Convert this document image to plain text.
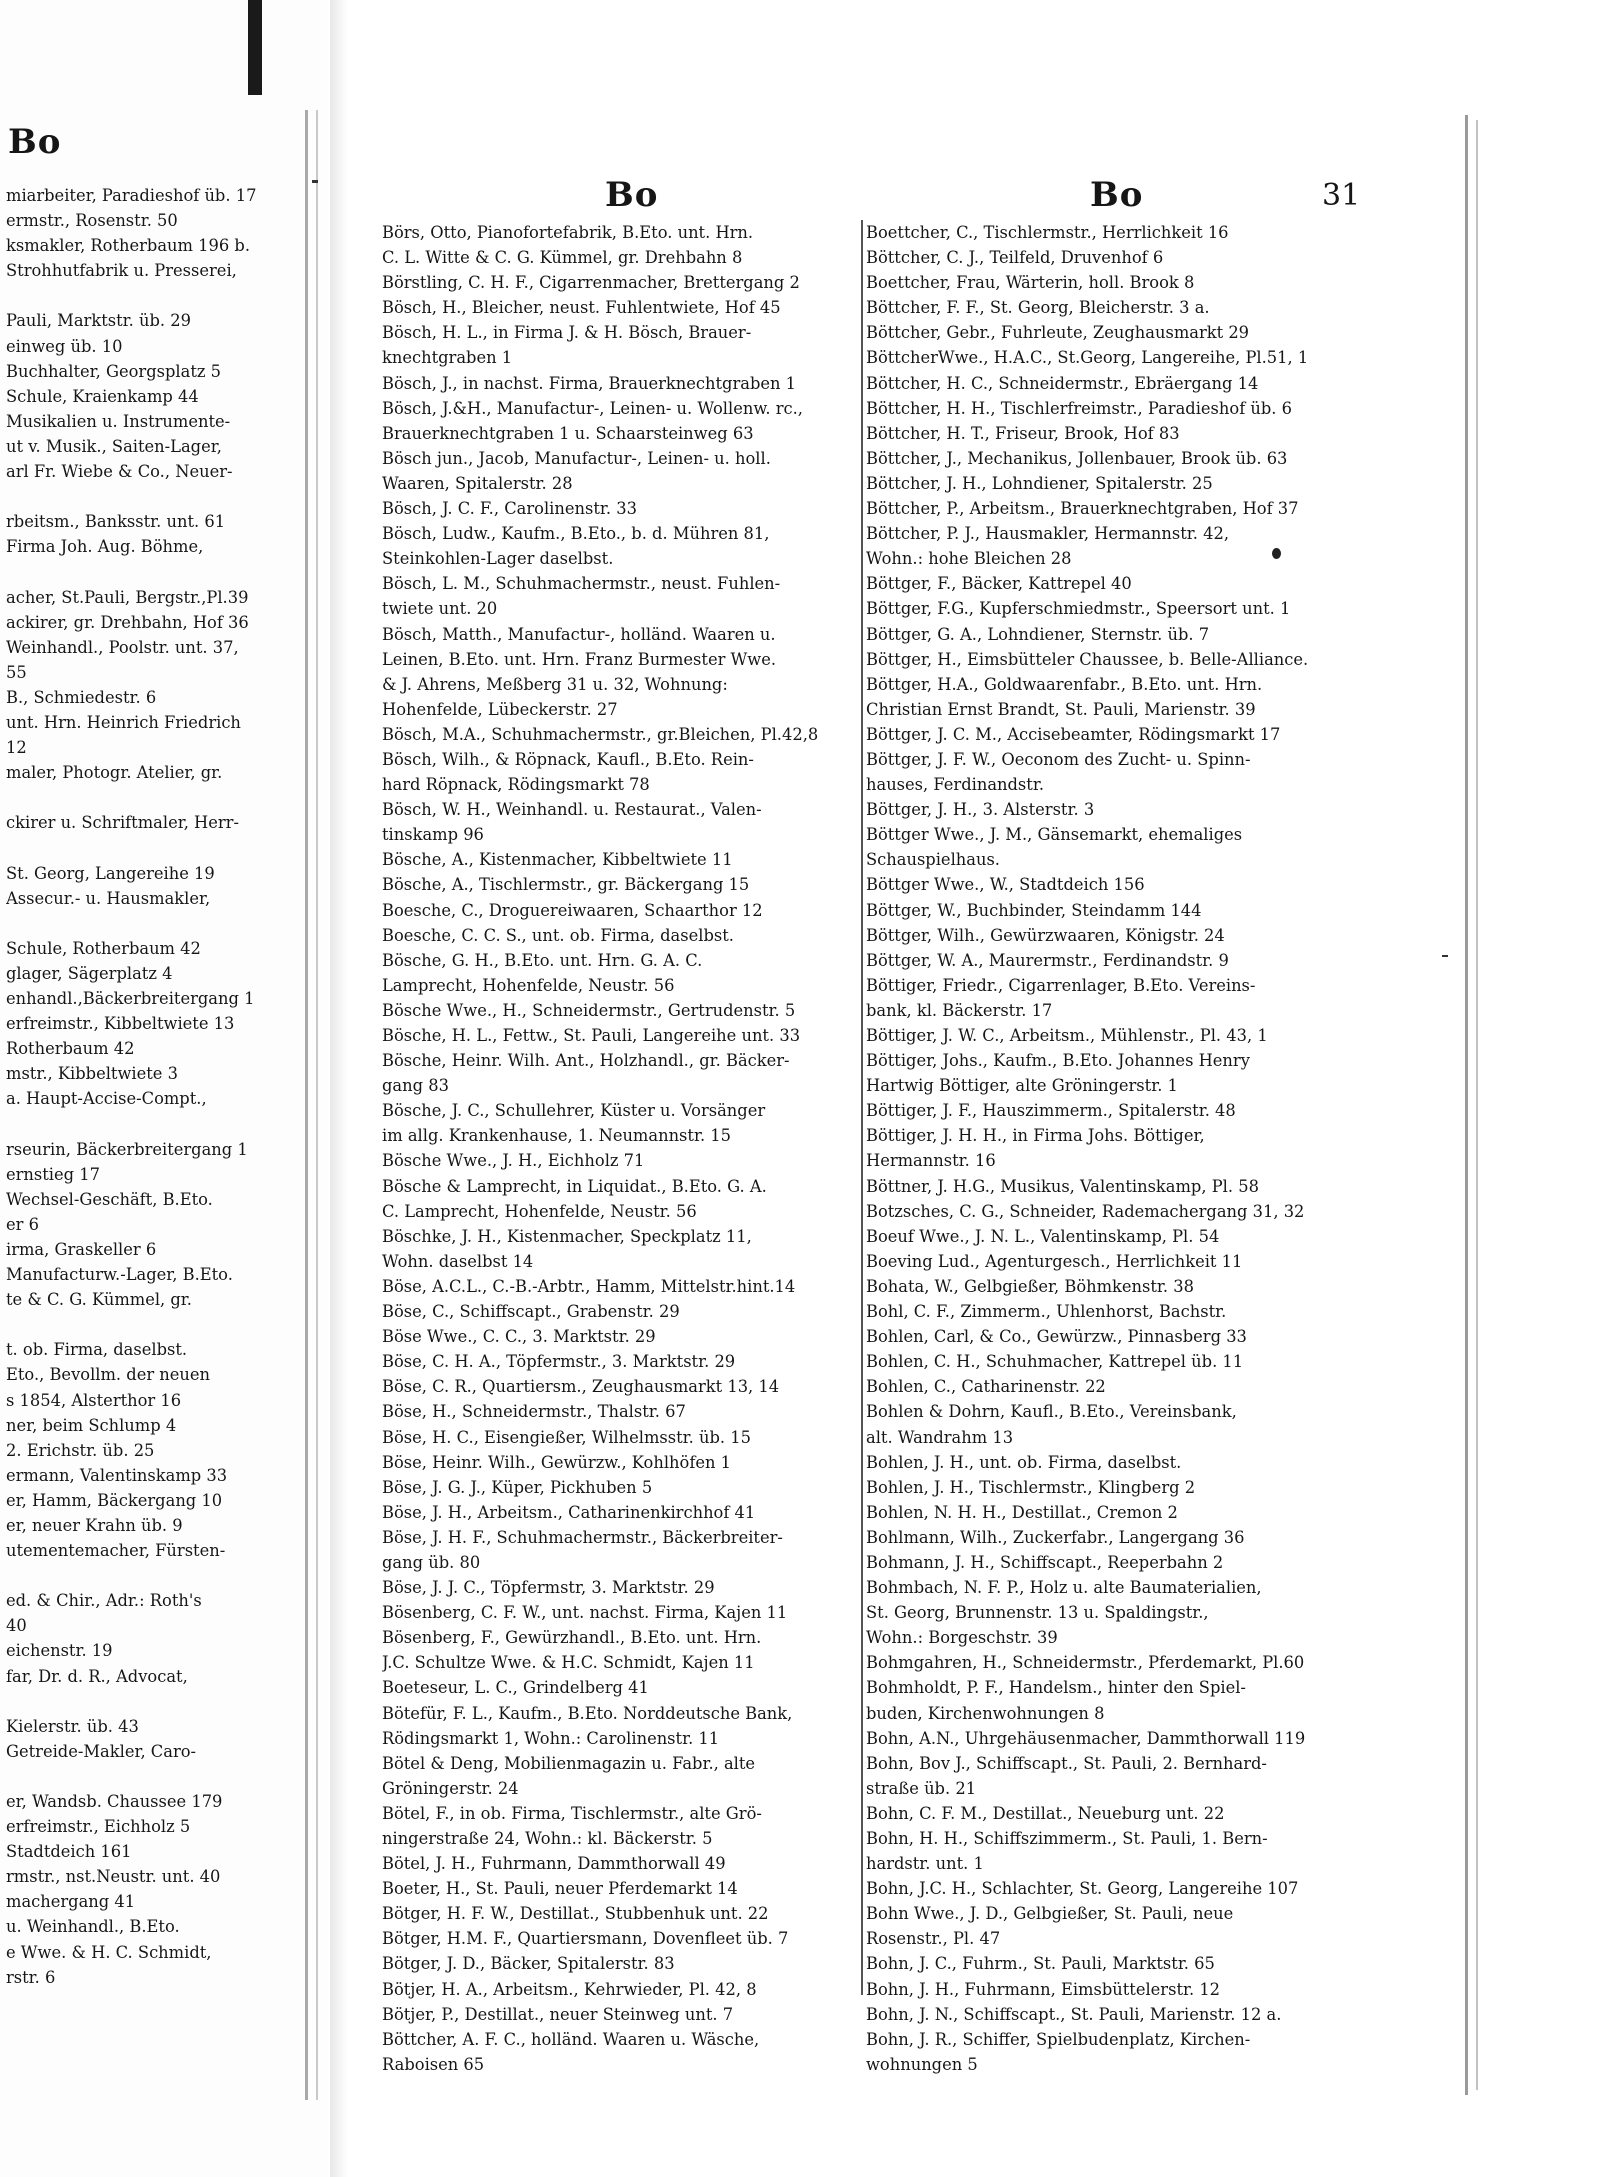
Bo
miarbeiter, Paradieshof üb. 17
ermstr., Rosenstr. 50
ksmakler, Rotherbaum 196 b.
Strohhutfabrik u. Presserei,
Pauli, Marktstr. üb. 29
einweg üb. 10
Buchhalter, Georgsplatz 5
Schule, Kraienkamp 44
Musikalien u. Instrumente-
ut v. Musik., Saiten-Lager,
arl Fr. Wiebe & Co., Neuer-
rbeitsm., Banksstr. unt. 61
Firma Joh. Aug. Böhme,
acher, St.Pauli, Bergstr.,Pl.39
ackirer, gr. Drehbahn, Hof 36
Weinhandl., Poolstr. unt. 37,
55
B., Schmiedestr. 6
unt. Hrn. Heinrich Friedrich
12
maler, Photogr. Atelier, gr.
ckirer u. Schriftmaler, Herr-
St. Georg, Langereihe 19
Assecur.- u. Hausmakler,
Schule, Rotherbaum 42
glager, Sägerplatz 4
enhandl.,Bäckerbreitergang 1
erfreimstr., Kibbeltwiete 13
Rotherbaum 42
mstr., Kibbeltwiete 3
a. Haupt-Accise-Compt.,
rseurin, Bäckerbreitergang 1
ernstieg 17
Wechsel-Geschäft, B.Eto.
er 6
irma, Graskeller 6
Manufacturw.-Lager, B.Eto.
te & C. G. Kümmel, gr.
t. ob. Firma, daselbst.
Eto., Bevollm. der neuen
s 1854, Alsterthor 16
ner, beim Schlump 4
2. Erichstr. üb. 25
ermann, Valentinskamp 33
er, Hamm, Bäckergang 10
er, neuer Krahn üb. 9
utementemacher, Fürsten-
ed. & Chir., Adr.: Roth's
40
eichenstr. 19
far, Dr. d. R., Advocat,
Kielerstr. üb. 43
Getreide-Makler, Caro-
er, Wandsb. Chaussee 179
erfreimstr., Eichholz 5
Stadtdeich 161
rmstr., nst.Neustr. unt. 40
machergang 41
u. Weinhandl., B.Eto.
e Wwe. & H. C. Schmidt,
rstr. 6
Bo	Bo	31
Börs, Otto, Pianofortefabrik, B.Eto. unt. Hrn.
C. L. Witte & C. G. Kümmel, gr. Drehbahn 8
Börstling, C. H. F., Cigarrenmacher, Brettergang 2
Bösch, H., Bleicher, neust. Fuhlentwiete, Hof 45
Bösch, H. L., in Firma J. & H. Bösch, Brauer-
knechtgraben 1
Bösch, J., in nachst. Firma, Brauerknechtgraben 1
Bösch, J.&H., Manufactur-, Leinen- u. Wollenw. rc.,
Brauerknechtgraben 1 u. Schaarsteinweg 63
Bösch jun., Jacob, Manufactur-, Leinen- u. holl.
Waaren, Spitalerstr. 28
Bösch, J. C. F., Carolinenstr. 33
Bösch, Ludw., Kaufm., B.Eto., b. d. Mühren 81,
Steinkohlen-Lager daselbst.
Bösch, L. M., Schuhmachermstr., neust. Fuhlen-
twiete unt. 20
Bösch, Matth., Manufactur-, holländ. Waaren u.
Leinen, B.Eto. unt. Hrn. Franz Burmester Wwe.
& J. Ahrens, Meßberg 31 u. 32, Wohnung:
Hohenfelde, Lübeckerstr. 27
Bösch, M.A., Schuhmachermstr., gr.Bleichen, Pl.42,8
Bösch, Wilh., & Röpnack, Kaufl., B.Eto. Rein-
hard Röpnack, Rödingsmarkt 78
Bösch, W. H., Weinhandl. u. Restaurat., Valen-
tinskamp 96
Bösche, A., Kistenmacher, Kibbeltwiete 11
Bösche, A., Tischlermstr., gr. Bäckergang 15
Boesche, C., Droguereiwaaren, Schaarthor 12
Boesche, C. C. S., unt. ob. Firma, daselbst.
Bösche, G. H., B.Eto. unt. Hrn. G. A. C.
Lamprecht, Hohenfelde, Neustr. 56
Bösche Wwe., H., Schneidermstr., Gertrudenstr. 5
Bösche, H. L., Fettw., St. Pauli, Langereihe unt. 33
Bösche, Heinr. Wilh. Ant., Holzhandl., gr. Bäcker-
gang 83
Bösche, J. C., Schullehrer, Küster u. Vorsänger
im allg. Krankenhause, 1. Neumannstr. 15
Bösche Wwe., J. H., Eichholz 71
Bösche & Lamprecht, in Liquidat., B.Eto. G. A.
C. Lamprecht, Hohenfelde, Neustr. 56
Böschke, J. H., Kistenmacher, Speckplatz 11,
Wohn. daselbst 14
Böse, A.C.L., C.-B.-Arbtr., Hamm, Mittelstr.hint.14
Böse, C., Schiffscapt., Grabenstr. 29
Böse Wwe., C. C., 3. Marktstr. 29
Böse, C. H. A., Töpfermstr., 3. Marktstr. 29
Böse, C. R., Quartiersm., Zeughausmarkt 13, 14
Böse, H., Schneidermstr., Thalstr. 67
Böse, H. C., Eisengießer, Wilhelmsstr. üb. 15
Böse, Heinr. Wilh., Gewürzw., Kohlhöfen 1
Böse, J. G. J., Küper, Pickhuben 5
Böse, J. H., Arbeitsm., Catharinenkirchhof 41
Böse, J. H. F., Schuhmachermstr., Bäckerbreiter-
gang üb. 80
Böse, J. J. C., Töpfermstr, 3. Marktstr. 29
Bösenberg, C. F. W., unt. nachst. Firma, Kajen 11
Bösenberg, F., Gewürzhandl., B.Eto. unt. Hrn.
J.C. Schultze Wwe. & H.C. Schmidt, Kajen 11
Boeteseur, L. C., Grindelberg 41
Bötefür, F. L., Kaufm., B.Eto. Norddeutsche Bank,
Rödingsmarkt 1, Wohn.: Carolinenstr. 11
Bötel & Deng, Mobilienmagazin u. Fabr., alte
Gröningerstr. 24
Bötel, F., in ob. Firma, Tischlermstr., alte Grö-
ningerstraße 24, Wohn.: kl. Bäckerstr. 5
Bötel, J. H., Fuhrmann, Dammthorwall 49
Boeter, H., St. Pauli, neuer Pferdemarkt 14
Bötger, H. F. W., Destillat., Stubbenhuk unt. 22
Bötger, H.M. F., Quartiersmann, Dovenfleet üb. 7
Bötger, J. D., Bäcker, Spitalerstr. 83
Bötjer, H. A., Arbeitsm., Kehrwieder, Pl. 42, 8
Bötjer, P., Destillat., neuer Steinweg unt. 7
Böttcher, A. F. C., holländ. Waaren u. Wäsche,
Raboisen 65
Boettcher, C., Tischlermstr., Herrlichkeit 16
Böttcher, C. J., Teilfeld, Druvenhof 6
Boettcher, Frau, Wärterin, holl. Brook 8
Böttcher, F. F., St. Georg, Bleicherstr. 3 a.
Böttcher, Gebr., Fuhrleute, Zeughausmarkt 29
BöttcherWwe., H.A.C., St.Georg, Langereihe, Pl.51, 1
Böttcher, H. C., Schneidermstr., Ebräergang 14
Böttcher, H. H., Tischlerfreimstr., Paradieshof üb. 6
Böttcher, H. T., Friseur, Brook, Hof 83
Böttcher, J., Mechanikus, Jollenbauer, Brook üb. 63
Böttcher, J. H., Lohndiener, Spitalerstr. 25
Böttcher, P., Arbeitsm., Brauerknechtgraben, Hof 37
Böttcher, P. J., Hausmakler, Hermannstr. 42,
Wohn.: hohe Bleichen 28
Böttger, F., Bäcker, Kattrepel 40
Böttger, F.G., Kupferschmiedmstr., Speersort unt. 1
Böttger, G. A., Lohndiener, Sternstr. üb. 7
Böttger, H., Eimsbütteler Chaussee, b. Belle-Alliance.
Böttger, H.A., Goldwaarenfabr., B.Eto. unt. Hrn.
Christian Ernst Brandt, St. Pauli, Marienstr. 39
Böttger, J. C. M., Accisebeamter, Rödingsmarkt 17
Böttger, J. F. W., Oeconom des Zucht- u. Spinn-
hauses, Ferdinandstr.
Böttger, J. H., 3. Alsterstr. 3
Böttger Wwe., J. M., Gänsemarkt, ehemaliges
Schauspielhaus.
Böttger Wwe., W., Stadtdeich 156
Böttger, W., Buchbinder, Steindamm 144
Böttger, Wilh., Gewürzwaaren, Königstr. 24
Böttger, W. A., Maurermstr., Ferdinandstr. 9
Böttiger, Friedr., Cigarrenlager, B.Eto. Vereins-
bank, kl. Bäckerstr. 17
Böttiger, J. W. C., Arbeitsm., Mühlenstr., Pl. 43, 1
Böttiger, Johs., Kaufm., B.Eto. Johannes Henry
Hartwig Böttiger, alte Gröningerstr. 1
Böttiger, J. F., Hauszimmerm., Spitalerstr. 48
Böttiger, J. H. H., in Firma Johs. Böttiger,
Hermannstr. 16
Böttner, J. H.G., Musikus, Valentinskamp, Pl. 58
Botzsches, C. G., Schneider, Rademachergang 31, 32
Boeuf Wwe., J. N. L., Valentinskamp, Pl. 54
Boeving Lud., Agenturgesch., Herrlichkeit 11
Bohata, W., Gelbgießer, Böhmkenstr. 38
Bohl, C. F., Zimmerm., Uhlenhorst, Bachstr.
Bohlen, Carl, & Co., Gewürzw., Pinnasberg 33
Bohlen, C. H., Schuhmacher, Kattrepel üb. 11
Bohlen, C., Catharinenstr. 22
Bohlen & Dohrn, Kaufl., B.Eto., Vereinsbank,
alt. Wandrahm 13
Bohlen, J. H., unt. ob. Firma, daselbst.
Bohlen, J. H., Tischlermstr., Klingberg 2
Bohlen, N. H. H., Destillat., Cremon 2
Bohlmann, Wilh., Zuckerfabr., Langergang 36
Bohmann, J. H., Schiffscapt., Reeperbahn 2
Bohmbach, N. F. P., Holz u. alte Baumaterialien,
St. Georg, Brunnenstr. 13 u. Spaldingstr.,
Wohn.: Borgeschstr. 39
Bohmgahren, H., Schneidermstr., Pferdemarkt, Pl.60
Bohmholdt, P. F., Handelsm., hinter den Spiel-
buden, Kirchenwohnungen 8
Bohn, A.N., Uhrgehäusenmacher, Dammthorwall 119
Bohn, Bov J., Schiffscapt., St. Pauli, 2. Bernhard-
straße üb. 21
Bohn, C. F. M., Destillat., Neueburg unt. 22
Bohn, H. H., Schiffszimmerm., St. Pauli, 1. Bern-
hardstr. unt. 1
Bohn, J.C. H., Schlachter, St. Georg, Langereihe 107
Bohn Wwe., J. D., Gelbgießer, St. Pauli, neue
Rosenstr., Pl. 47
Bohn, J. C., Fuhrm., St. Pauli, Marktstr. 65
Bohn, J. H., Fuhrmann, Eimsbüttelerstr. 12
Bohn, J. N., Schiffscapt., St. Pauli, Marienstr. 12 a.
Bohn, J. R., Schiffer, Spielbudenplatz, Kirchen-
wohnungen 5
